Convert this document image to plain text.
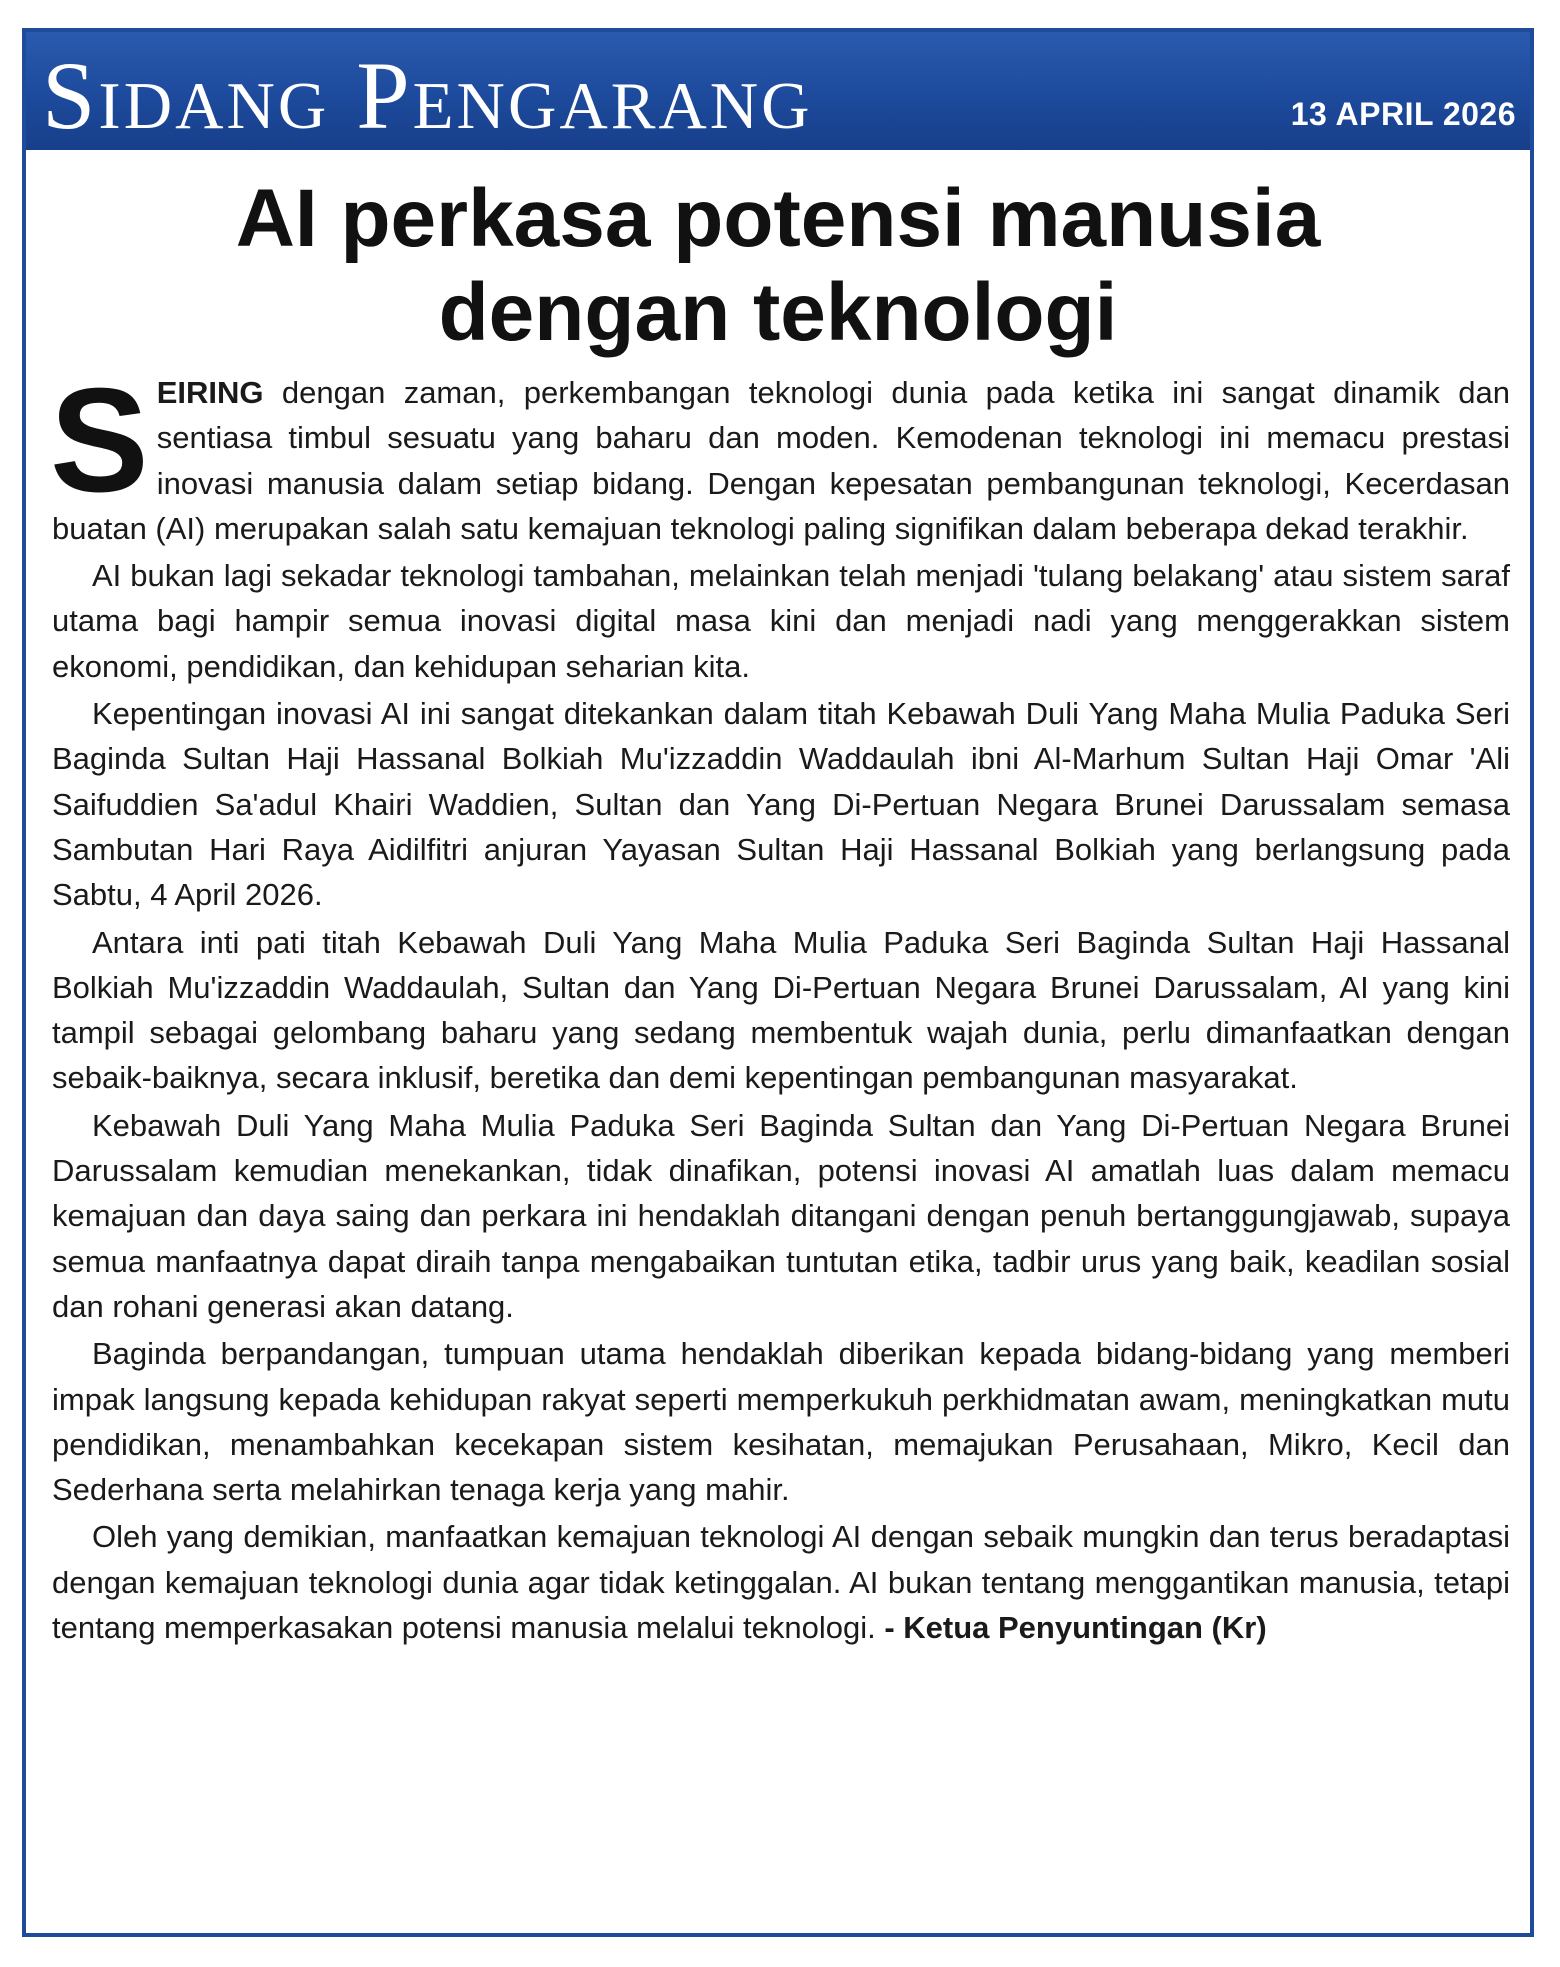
Sidang Pengarang	13 APRIL 2026
AI perkasa potensi manusia
dengan teknologi

SEIRING dengan zaman, perkembangan teknologi dunia pada ketika ini sangat dinamik dan sentiasa timbul sesuatu yang baharu dan moden. Kemodenan teknologi ini memacu prestasi inovasi manusia dalam setiap bidang. Dengan kepesatan pembangunan teknologi, Kecerdasan buatan (AI) merupakan salah satu kemajuan teknologi paling signifikan dalam beberapa dekad terakhir.

AI bukan lagi sekadar teknologi tambahan, melainkan telah menjadi 'tulang belakang' atau sistem saraf utama bagi hampir semua inovasi digital masa kini dan menjadi nadi yang menggerakkan sistem ekonomi, pendidikan, dan kehidupan seharian kita.

Kepentingan inovasi AI ini sangat ditekankan dalam titah Kebawah Duli Yang Maha Mulia Paduka Seri Baginda Sultan Haji Hassanal Bolkiah Mu'izzaddin Waddaulah ibni Al-Marhum Sultan Haji Omar 'Ali Saifuddien Sa'adul Khairi Waddien, Sultan dan Yang Di-Pertuan Negara Brunei Darussalam semasa Sambutan Hari Raya Aidilfitri anjuran Yayasan Sultan Haji Hassanal Bolkiah yang berlangsung pada Sabtu, 4 April 2026.

Antara inti pati titah Kebawah Duli Yang Maha Mulia Paduka Seri Baginda Sultan Haji Hassanal Bolkiah Mu'izzaddin Waddaulah, Sultan dan Yang Di-Pertuan Negara Brunei Darussalam, AI yang kini tampil sebagai gelombang baharu yang sedang membentuk wajah dunia, perlu dimanfaatkan dengan sebaik-baiknya, secara inklusif, beretika dan demi kepentingan pembangunan masyarakat.

Kebawah Duli Yang Maha Mulia Paduka Seri Baginda Sultan dan Yang Di-Pertuan Negara Brunei Darussalam kemudian menekankan, tidak dinafikan, potensi inovasi AI amatlah luas dalam memacu kemajuan dan daya saing dan perkara ini hendaklah ditangani dengan penuh bertanggungjawab, supaya semua manfaatnya dapat diraih tanpa mengabaikan tuntutan etika, tadbir urus yang baik, keadilan sosial dan rohani generasi akan datang.

Baginda berpandangan, tumpuan utama hendaklah diberikan kepada bidang-bidang yang memberi impak langsung kepada kehidupan rakyat seperti memperkukuh perkhidmatan awam, meningkatkan mutu pendidikan, menambahkan kecekapan sistem kesihatan, memajukan Perusahaan, Mikro, Kecil dan Sederhana serta melahirkan tenaga kerja yang mahir.

Oleh yang demikian, manfaatkan kemajuan teknologi AI dengan sebaik mungkin dan terus beradaptasi dengan kemajuan teknologi dunia agar tidak ketinggalan. AI bukan tentang menggantikan manusia, tetapi tentang memperkasakan potensi manusia melalui teknologi. - Ketua Penyuntingan (Kr)
